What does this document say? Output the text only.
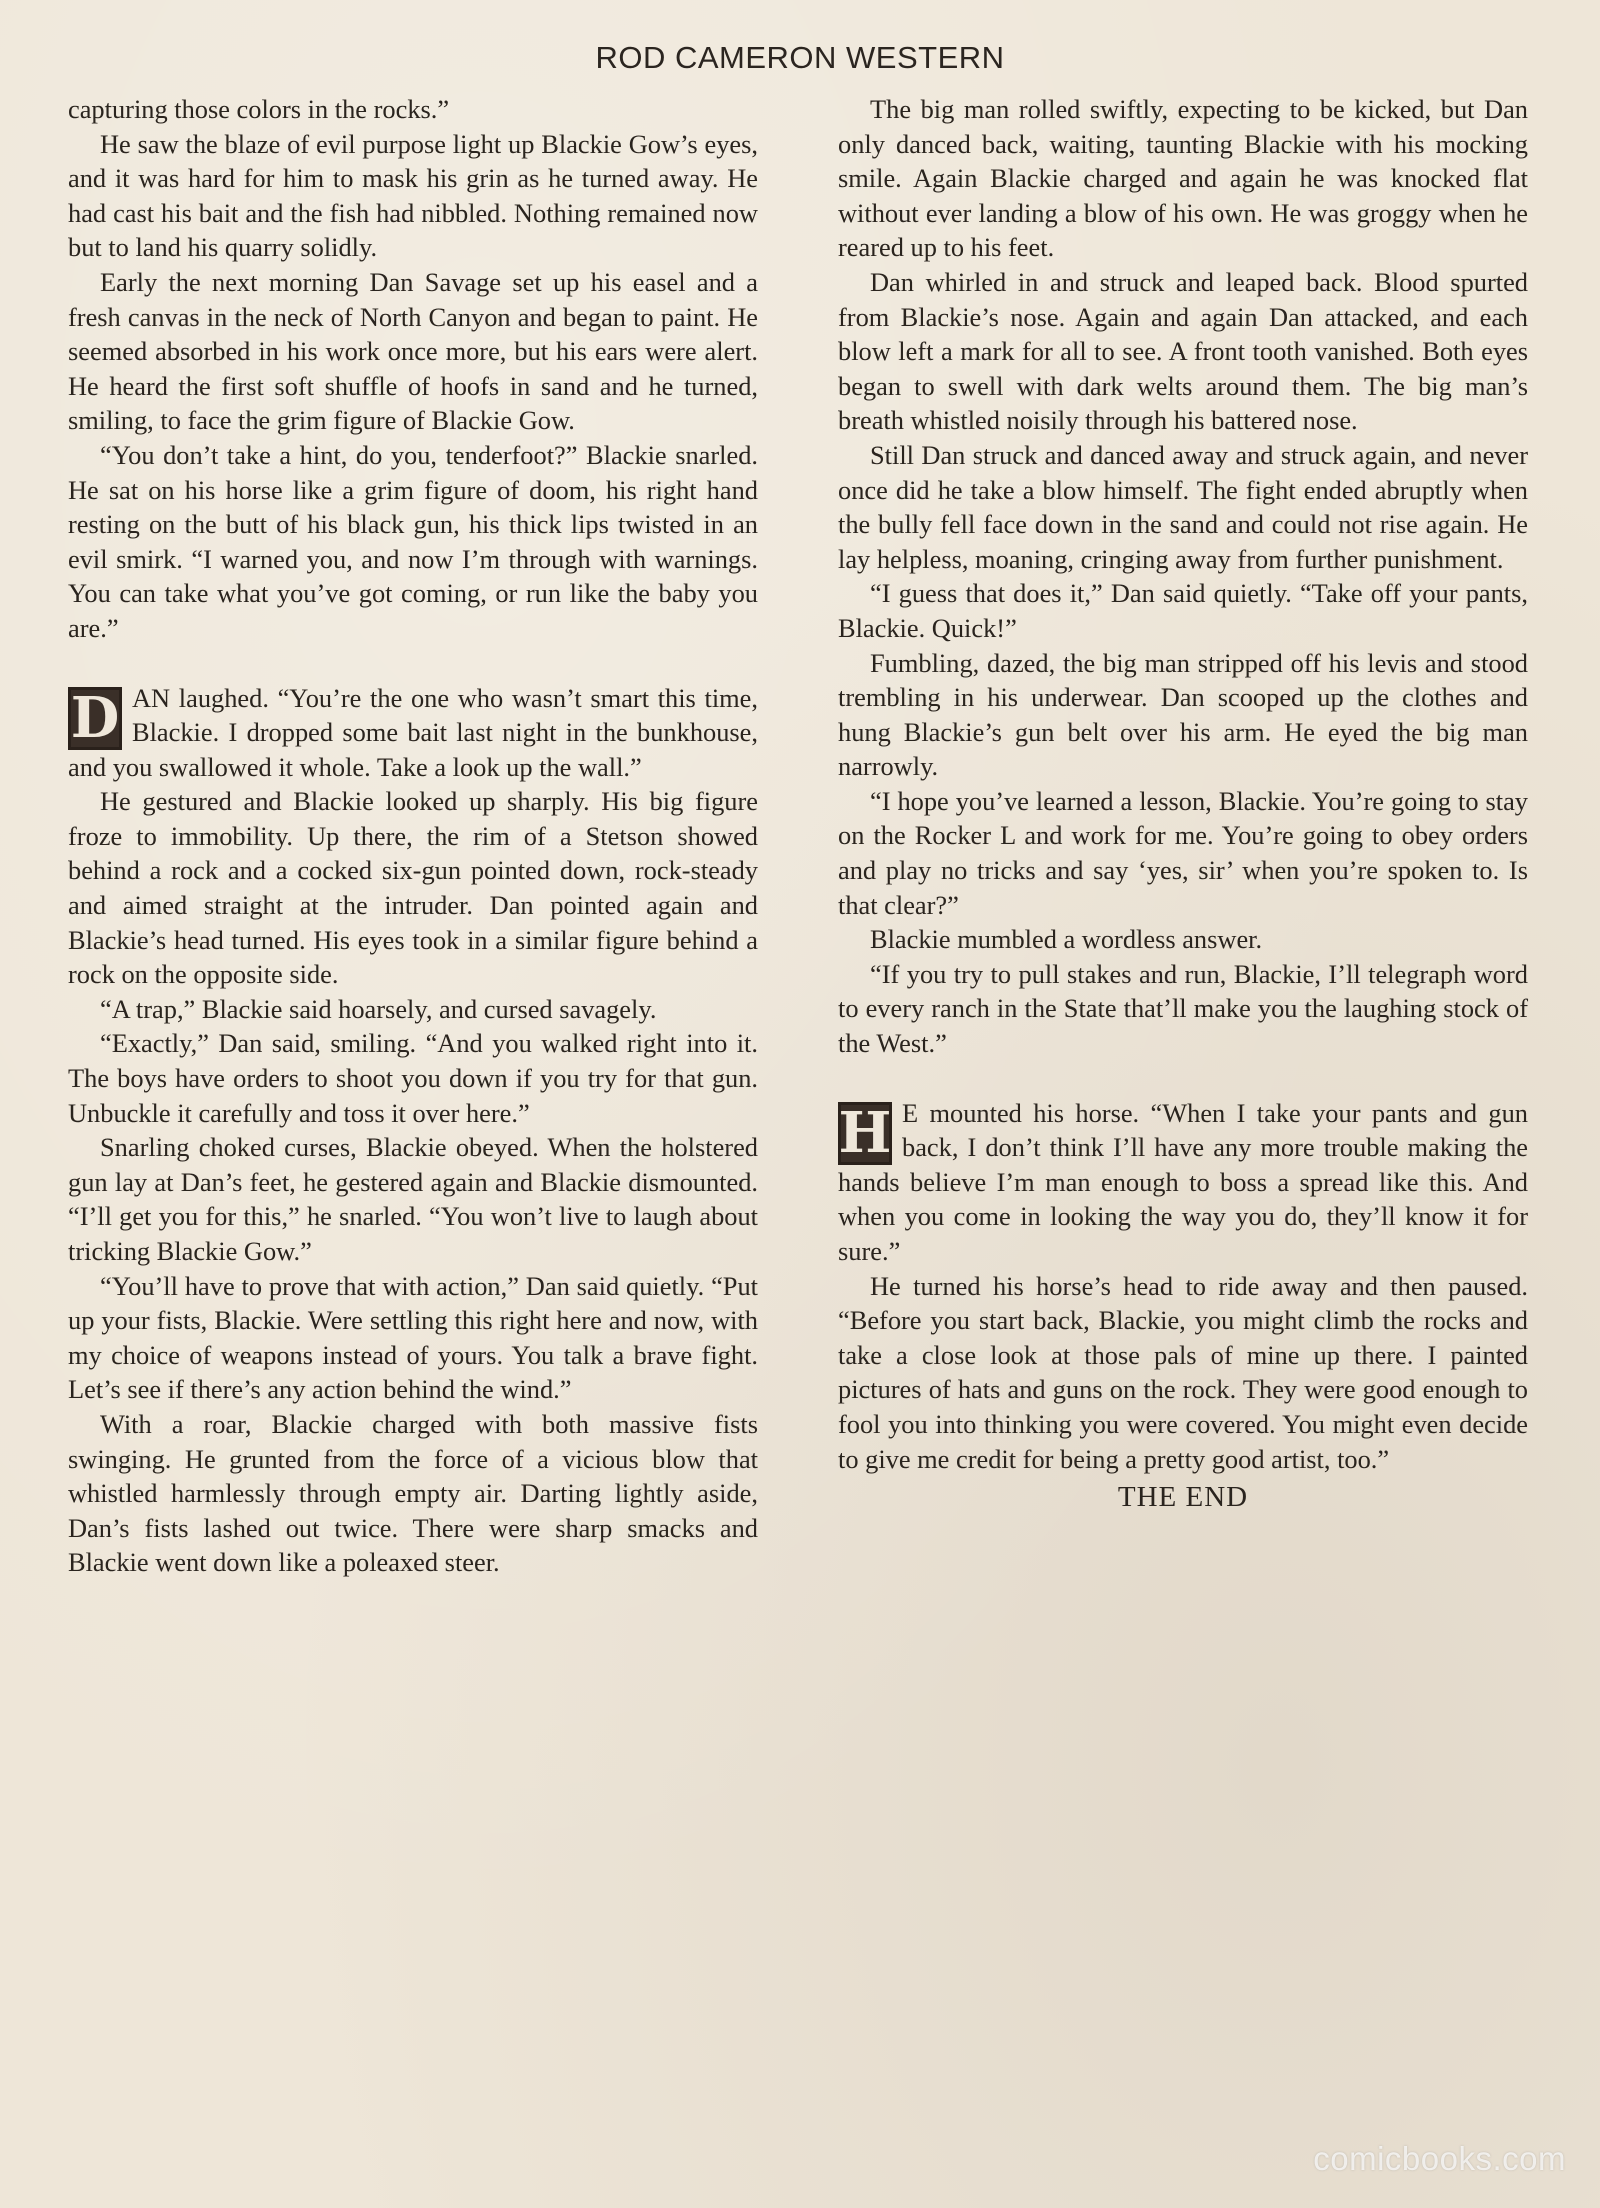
ROD CAMERON WESTERN

capturing those colors in the rocks.”

He saw the blaze of evil purpose light up Blackie Gow’s eyes, and it was hard for him to mask his grin as he turned away. He had cast his bait and the fish had nibbled. Nothing remained now but to land his quarry solidly.

Early the next morning Dan Savage set up his easel and a fresh canvas in the neck of North Canyon and began to paint. He seemed absorbed in his work once more, but his ears were alert. He heard the first soft shuffle of hoofs in sand and he turned, smiling, to face the grim figure of Blackie Gow.

“You don’t take a hint, do you, tenderfoot?” Blackie snarled. He sat on his horse like a grim figure of doom, his right hand resting on the butt of his black gun, his thick lips twisted in an evil smirk. “I warned you, and now I’m through with warnings. You can take what you’ve got coming, or run like the baby you are.”

D AN laughed. “You’re the one who wasn’t smart this time, Blackie. I dropped some bait last night in the bunkhouse, and you swallowed it whole. Take a look up the wall.”

He gestured and Blackie looked up sharply. His big figure froze to immobility. Up there, the rim of a Stetson showed behind a rock and a cocked six-gun pointed down, rock-steady and aimed straight at the intruder. Dan pointed again and Blackie’s head turned. His eyes took in a similar figure behind a rock on the opposite side.

“A trap,” Blackie said hoarsely, and cursed savagely.

“Exactly,” Dan said, smiling. “And you walked right into it. The boys have orders to shoot you down if you try for that gun. Unbuckle it carefully and toss it over here.”

Snarling choked curses, Blackie obeyed. When the holstered gun lay at Dan’s feet, he gestered again and Blackie dismounted. “I’ll get you for this,” he snarled. “You won’t live to laugh about tricking Blackie Gow.”

“You’ll have to prove that with action,” Dan said quietly. “Put up your fists, Blackie. Were settling this right here and now, with my choice of weapons instead of yours. You talk a brave fight. Let’s see if there’s any action behind the wind.”

With a roar, Blackie charged with both massive fists swinging. He grunted from the force of a vicious blow that whistled harmlessly through empty air. Darting lightly aside, Dan’s fists lashed out twice. There were sharp smacks and Blackie went down like a poleaxed steer.

The big man rolled swiftly, expecting to be kicked, but Dan only danced back, waiting, taunting Blackie with his mocking smile. Again Blackie charged and again he was knocked flat without ever landing a blow of his own. He was groggy when he reared up to his feet.

Dan whirled in and struck and leaped back. Blood spurted from Blackie’s nose. Again and again Dan attacked, and each blow left a mark for all to see. A front tooth vanished. Both eyes began to swell with dark welts around them. The big man’s breath whistled noisily through his battered nose.

Still Dan struck and danced away and struck again, and never once did he take a blow himself. The fight ended abruptly when the bully fell face down in the sand and could not rise again. He lay helpless, moaning, cringing away from further punishment.

“I guess that does it,” Dan said quietly. “Take off your pants, Blackie. Quick!”

Fumbling, dazed, the big man stripped off his levis and stood trembling in his underwear. Dan scooped up the clothes and hung Blackie’s gun belt over his arm. He eyed the big man narrowly.

“I hope you’ve learned a lesson, Blackie. You’re going to stay on the Rocker L and work for me. You’re going to obey orders and play no tricks and say ‘yes, sir’ when you’re spoken to. Is that clear?”

Blackie mumbled a wordless answer.

“If you try to pull stakes and run, Blackie, I’ll telegraph word to every ranch in the State that’ll make you the laughing stock of the West.”

H E mounted his horse. “When I take your pants and gun back, I don’t think I’ll have any more trouble making the hands believe I’m man enough to boss a spread like this. And when you come in looking the way you do, they’ll know it for sure.”

He turned his horse’s head to ride away and then paused. “Before you start back, Blackie, you might climb the rocks and take a close look at those pals of mine up there. I painted pictures of hats and guns on the rock. They were good enough to fool you into thinking you were covered. You might even decide to give me credit for being a pretty good artist, too.”

THE END
comicbooks.com
